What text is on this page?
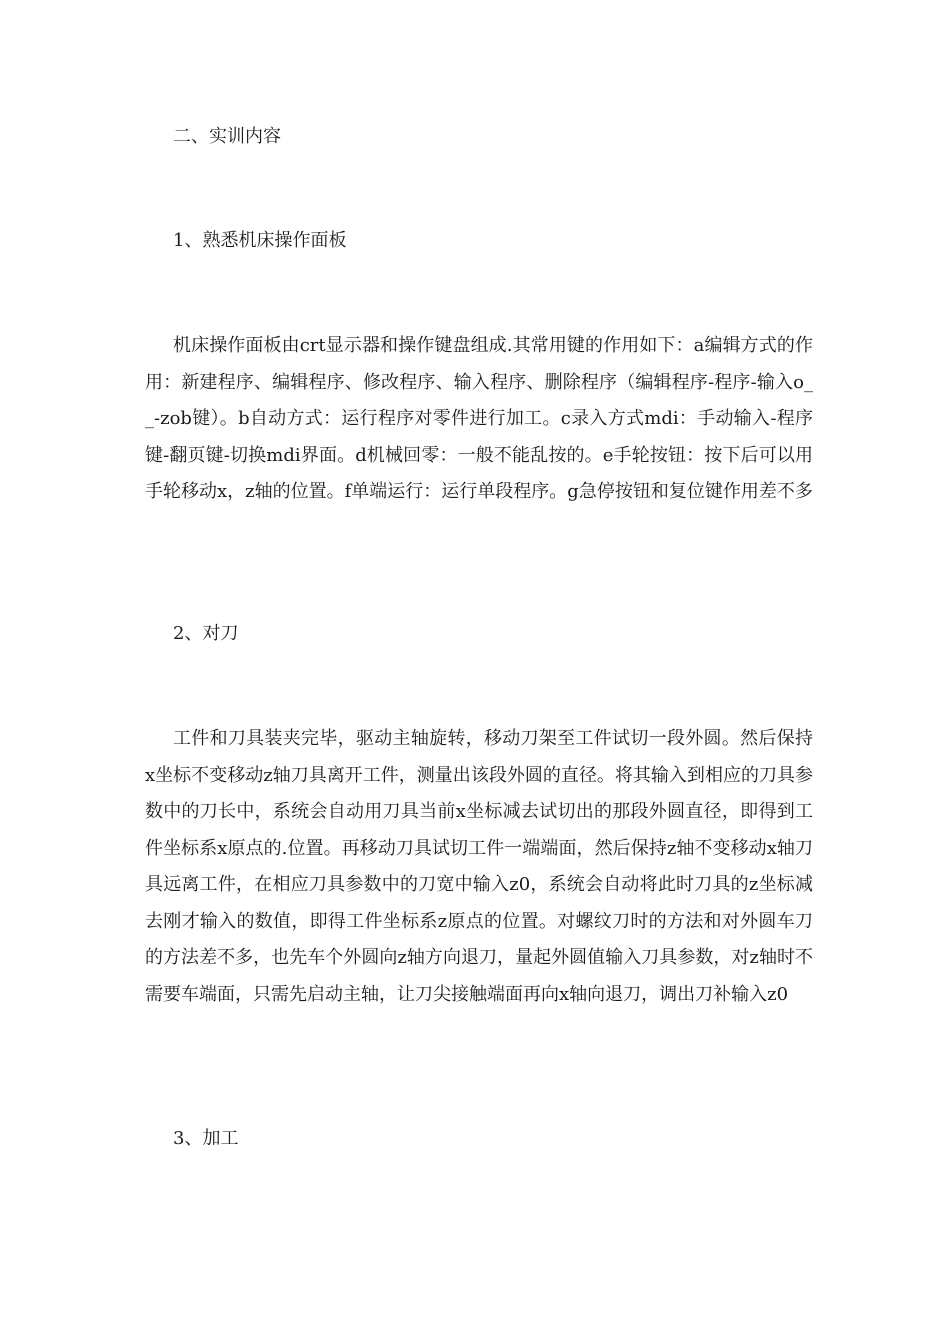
二、实训内容
1、熟悉机床操作面板
机床操作面板由crt显示器和操作键盘组成.其常用键的作用如下：a编辑方式的作用：新建程序、编辑程序、修改程序、输入程序、删除程序（编辑程序-程序-输入o__-zob键）。b自动方式：运行程序对零件进行加工。c录入方式mdi：手动输入-程序键-翻页键-切换mdi界面。d机械回零：一般不能乱按的。e手轮按钮：按下后可以用手轮移动x，z轴的位置。f单端运行：运行单段程序。g急停按钮和复位键作用差不多
2、对刀
工件和刀具装夹完毕，驱动主轴旋转，移动刀架至工件试切一段外圆。然后保持x坐标不变移动z轴刀具离开工件，测量出该段外圆的直径。将其输入到相应的刀具参数中的刀长中，系统会自动用刀具当前x坐标减去试切出的那段外圆直径，即得到工件坐标系x原点的.位置。再移动刀具试切工件一端端面，然后保持z轴不变移动x轴刀具远离工件，在相应刀具参数中的刀宽中输入z0，系统会自动将此时刀具的z坐标减去刚才输入的数值，即得工件坐标系z原点的位置。对螺纹刀时的方法和对外圆车刀的方法差不多，也先车个外圆向z轴方向退刀，量起外圆值输入刀具参数，对z轴时不需要车端面，只需先启动主轴，让刀尖接触端面再向x轴向退刀，调出刀补输入z0
3、加工
